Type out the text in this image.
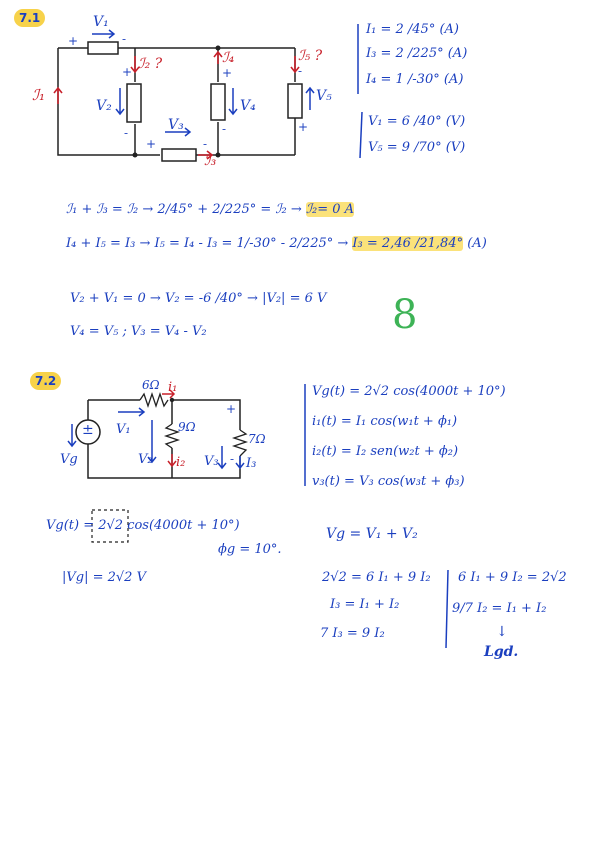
7.1	V₁
+	-
ℐ₁
ℐ₂ ?
+
V₂
-
ℐ₄
+
V₄
-
ℐ₅ ?
-
V₅
+
V₃
+	-
ℐ₃
I₁ = 2 /45° (A)
I₃ = 2 /225° (A)
I₄ = 1 /-30° (A)
V₁ = 6 /40° (V)
V₅ = 9 /70° (V)
ℐ₁ + ℐ₃ = ℐ₂ → 2/45° + 2/225° = ℐ₂ → ℐ₂= 0 A
I₄ + I₅ = I₃ → I₅ = I₄ - I₃ = 1/-30° - 2/225° → I₃ = 2,46 /21,84° (A)
V₂ + V₁ = 0 → V₂ = -6 /40° → |V₂| = 6 V
V₄ = V₅ ; V₃ = V₄ - V₂	8
7.2	6Ω i₁
V₁
±
Vg
9Ω
V₂ i₂
+
7Ω
V₃ - I₃
Vg(t) = 2√2 cos(4000t + 10°)
i₁(t) = I₁ cos(w₁t + ϕ₁)
i₂(t) = I₂ sen(w₂t + ϕ₂)
v₃(t) = V₃ cos(w₃t + ϕ₃)
Vg(t) = 2√2 cos(4000t + 10°)
ϕg = 10°.
|Vg| = 2√2 V
Vg = V₁ + V₂
2√2 = 6 I₁ + 9 I₂
I₃ = I₁ + I₂
7 I₃ = 9 I₂
6 I₁ + 9 I₂ = 2√2
9/7 I₂ = I₁ + I₂
↓
Lgd.
